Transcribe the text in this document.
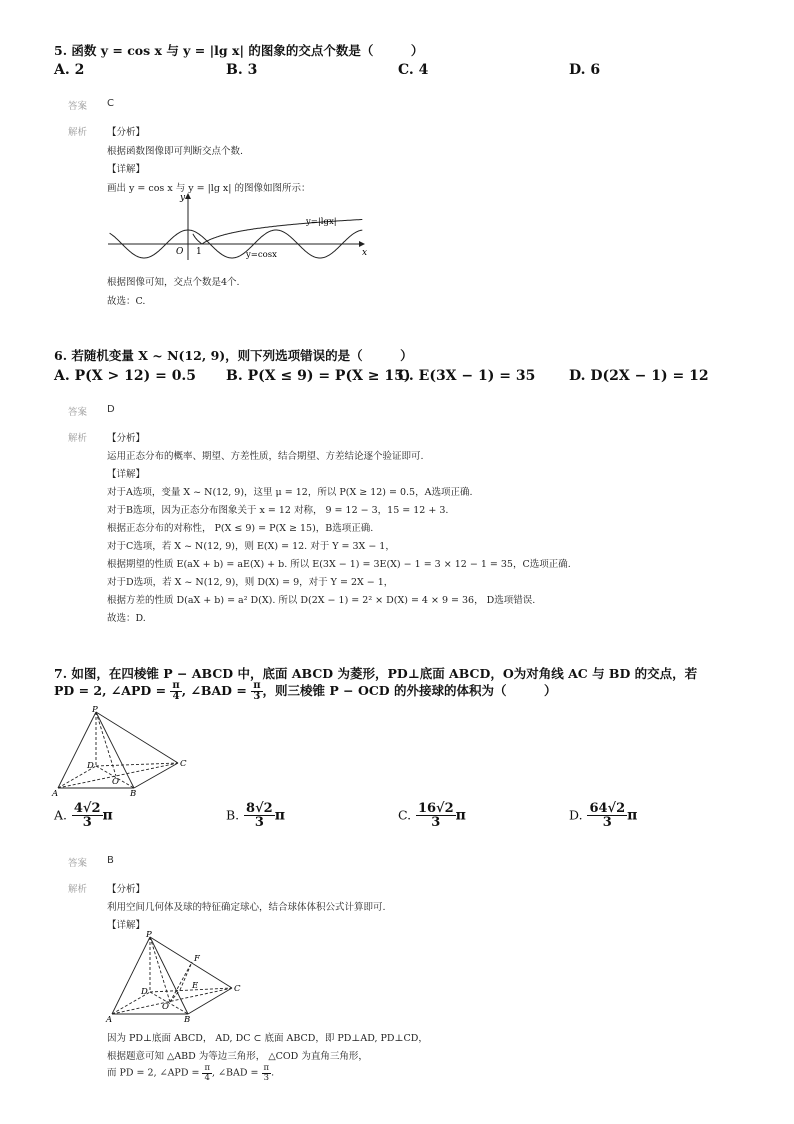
5. 函数 y = cos x 与 y = |lg x| 的图象的交点个数是（　　　）
A. 2	B. 3	C. 4	D. 6
答案 C
解析 【分析】
根据函数图像即可判断交点个数.
【详解】
画出 y = cos x 与 y = |lg x| 的图像如图所示：
y
x
O 1
y=|lgx|
y=cosx
根据图像可知，交点个数是4个.
故选：C.
6. 若随机变量 X ~ N(12, 9)，则下列选项错误的是（　　　）
A. P(X > 12) = 0.5 B. P(X ≤ 9) = P(X ≥ 15)
C. E(3X − 1) = 35 D. D(2X − 1) = 12
答案 D
解析 【分析】
运用正态分布的概率、期望、方差性质，结合期望、方差结论逐个验证即可.
【详解】
对于A选项，变量 X ~ N(12, 9)，这里 μ = 12，所以 P(X ≥ 12) = 0.5，A选项正确.
对于B选项，因为正态分布图象关于 x = 12 对称， 9 = 12 − 3，15 = 12 + 3.
根据正态分布的对称性， P(X ≤ 9) = P(X ≥ 15)，B选项正确.
对于C选项，若 X ~ N(12, 9)，则 E(X) = 12. 对于 Y = 3X − 1，
根据期望的性质 E(aX + b) = aE(X) + b. 所以 E(3X − 1) = 3E(X) − 1 = 3 × 12 − 1 = 35，C选项正确.
对于D选项，若 X ~ N(12, 9)，则 D(X) = 9，对于 Y = 2X − 1，
根据方差的性质 D(aX + b) = a² D(X). 所以 D(2X − 1) = 2² × D(X) = 4 × 9 = 36， D选项错误.
故选：D.
7. 如图，在四棱锥 P − ABCD 中，底面 ABCD 为菱形，PD⊥底面 ABCD，O为对角线 AC 与 BD 的交点，若
PD = 2, ∠APD = $\frac{\pi}{4}$ , ∠BAD = $\frac{\pi}{3}$ ，则三棱锥 P − OCD 的外接球的体积为（　　　）
P
D
O
A	B
C
A. $\frac{4√2}{3}$ π	B. $\frac{8√2}{3}$ π	C. $\frac{16√2}{3}$ π	D. $\frac{64√2}{3}$ π
答案 B
解析 【分析】
利用空间几何体及球的特征确定球心，结合球体体积公式计算即可.
【详解】
P
F
E
D
O
A	B
C
因为 PD⊥底面 ABCD， AD, DC ⊂ 底面 ABCD，即 PD⊥AD, PD⊥CD，
根据题意可知 △ABD 为等边三角形， △COD 为直角三角形，
而 PD = 2, ∠APD = $\frac{\pi}{4}$ , ∠BAD = $\frac{\pi}{3}$ .
